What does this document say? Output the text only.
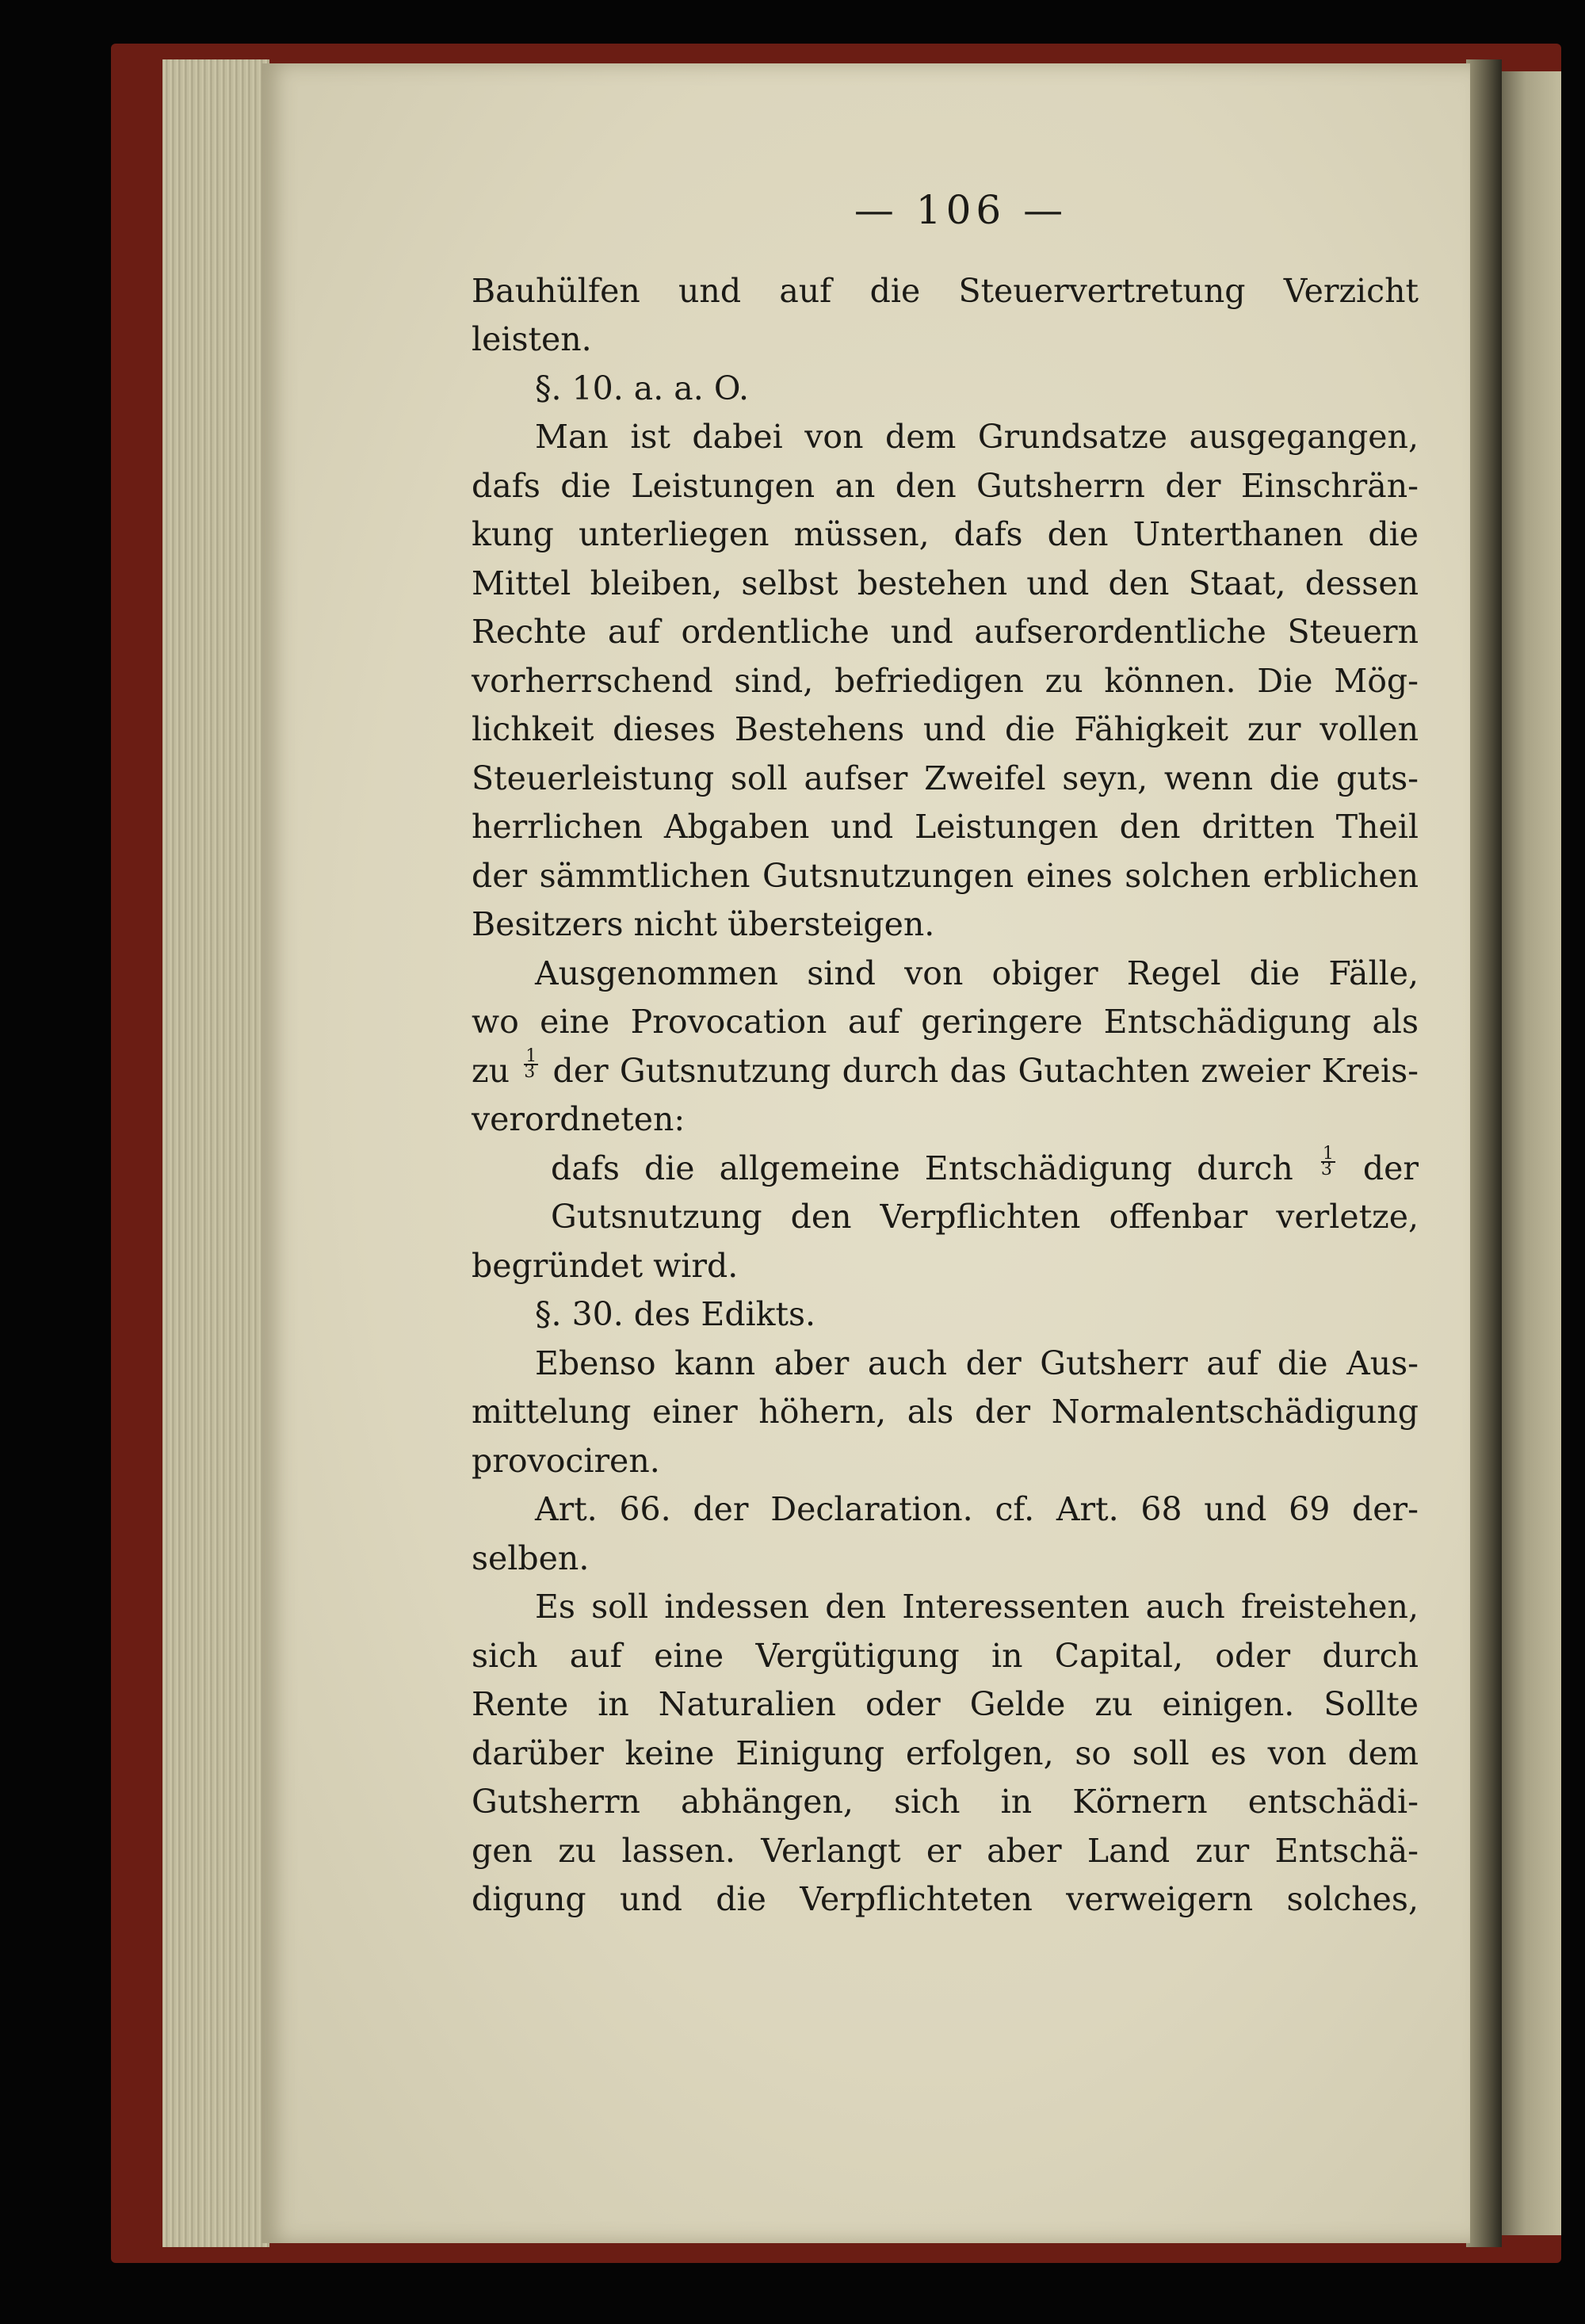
— 106 —
Bauhülfen und auf die Steuervertretung Verzicht
leisten.
§. 10. a. a. O.
Man ist dabei von dem Grundsatze ausgegangen,
dafs die Leistungen an den Gutsherrn der Einschrän-
kung unterliegen müssen, dafs den Unterthanen die
Mittel bleiben, selbst bestehen und den Staat, dessen
Rechte auf ordentliche und aufserordentliche Steuern
vorherrschend sind, befriedigen zu können. Die Mög-
lichkeit dieses Bestehens und die Fähigkeit zur vollen
Steuerleistung soll aufser Zweifel seyn, wenn die guts-
herrlichen Abgaben und Leistungen den dritten Theil
der sämmtlichen Gutsnutzungen eines solchen erblichen
Besitzers nicht übersteigen.
Ausgenommen sind von obiger Regel die Fälle,
wo eine Provocation auf geringere Entschädigung als
zu $\frac{1}{3}$ der Gutsnutzung durch das Gutachten zweier Kreis-
verordneten:
dafs die allgemeine Entschädigung durch $\frac{1}{3}$ der
Gutsnutzung den Verpflichten offenbar verletze,
begründet wird.
§. 30. des Edikts.
Ebenso kann aber auch der Gutsherr auf die Aus-
mittelung einer höhern, als der Normalentschädigung
provociren.
Art. 66. der Declaration. cf. Art. 68 und 69 der-
selben.
Es soll indessen den Interessenten auch freistehen,
sich auf eine Vergütigung in Capital, oder durch
Rente in Naturalien oder Gelde zu einigen. Sollte
darüber keine Einigung erfolgen, so soll es von dem
Gutsherrn abhängen, sich in Körnern entschädi-
gen zu lassen. Verlangt er aber Land zur Entschä-
digung und die Verpflichteten verweigern solches,
